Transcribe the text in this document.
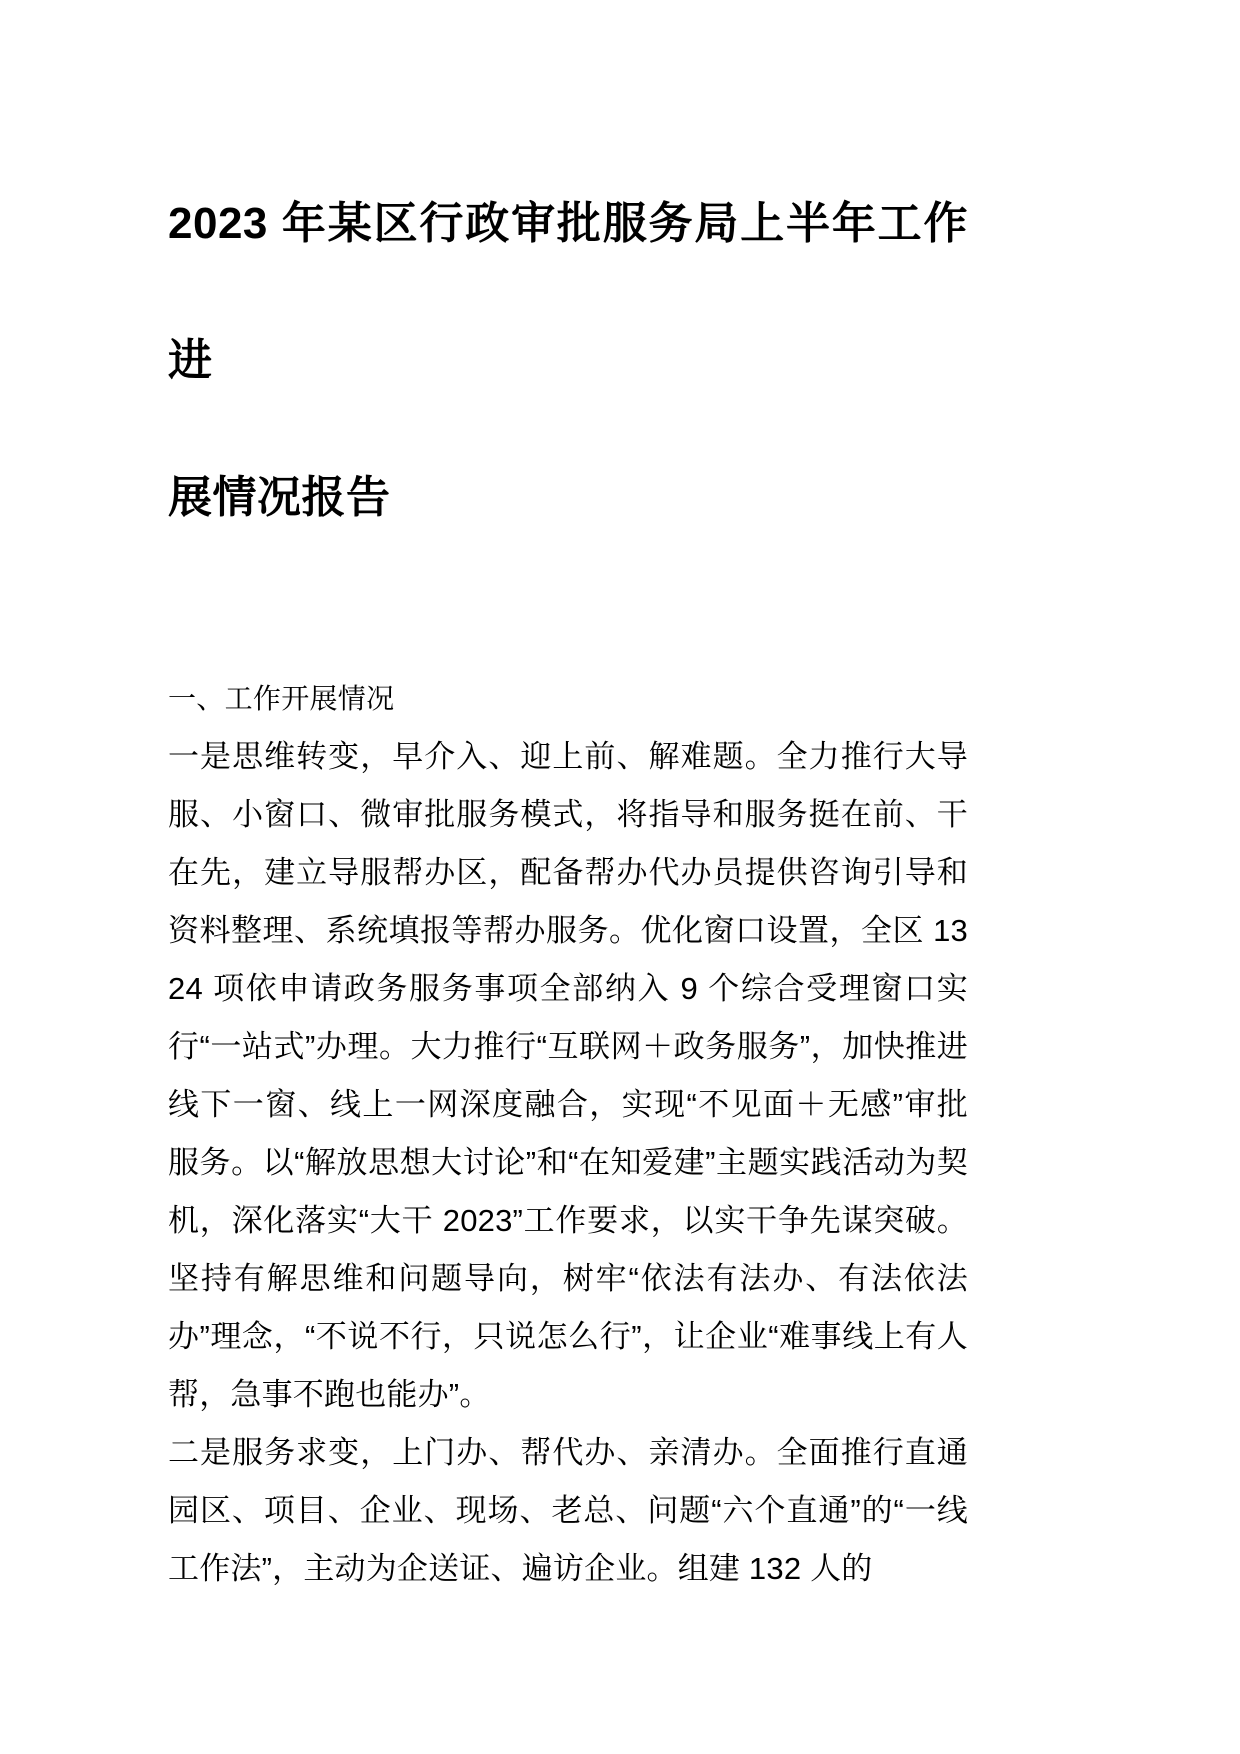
2023 年某区行政审批服务局上半年工作进
展情况报告

一、工作开展情况

一是思维转变，早介入、迎上前、解难题。全力推行大导服、小窗口、微审批服务模式，将指导和服务挺在前、干在先，建立导服帮办区，配备帮办代办员提供咨询引导和资料整理、系统填报等帮办服务。优化窗口设置，全区 1324 项依申请政务服务事项全部纳入 9 个综合受理窗口实行“一站式”办理。大力推行“互联网＋政务服务”，加快推进线下一窗、线上一网深度融合，实现“不见面＋无感”审批服务。以“解放思想大讨论”和“在知爱建”主题实践活动为契机，深化落实“大干 2023”工作要求，以实干争先谋突破。坚持有解思维和问题导向，树牢“依法有法办、有法依法办”理念，“不说不行，只说怎么行”，让企业“难事线上有人帮，急事不跑也能办”。

二是服务求变，上门办、帮代办、亲清办。全面推行直通园区、项目、企业、现场、老总、问题“六个直通”的“一线工作法”，主动为企送证、遍访企业。组建 132 人的
